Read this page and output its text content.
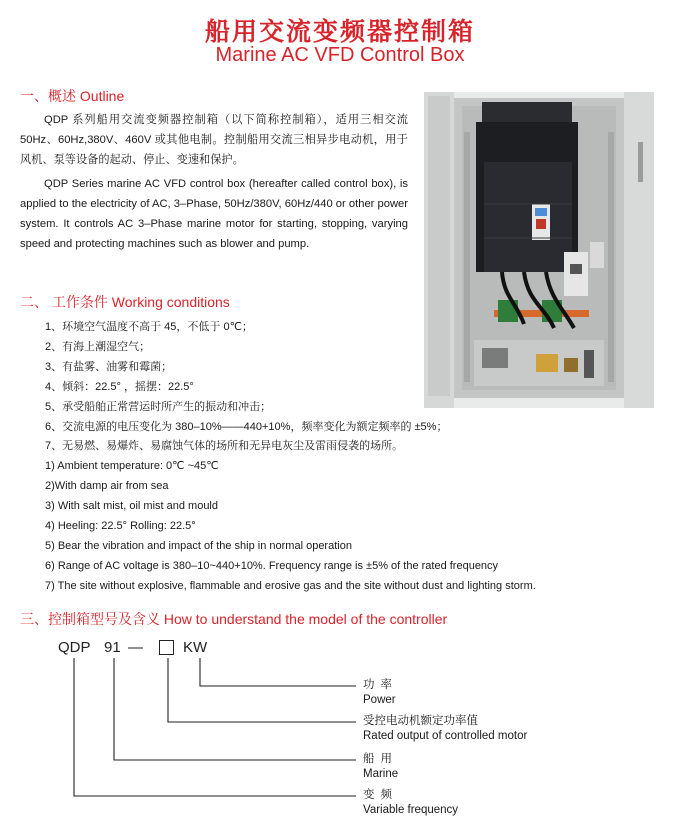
船用交流变频器控制箱
Marine AC VFD Control Box
一、概述 Outline

QDP 系列船用交流变频器控制箱（以下简称控制箱），适用三相交流 50Hz、60Hz,380V、460V 或其他电制。控制船用交流三相异步电动机，用于风机、泵等设备的起动、停止、变速和保护。

QDP Series marine AC VFD control box (hereafter called control box), is applied to the electricity of AC, 3–Phase, 50Hz/380V, 60Hz/440 or other power system. It controls AC 3–Phase marine motor for starting, stopping, varying speed and protecting machines such as blower and pump.

二、 工作条件 Working conditions
1、环境空气温度不高于 45，不低于 0℃；
2、有海上潮湿空气；
3、有盐雾、油雾和霉菌；
4、倾斜：22.5° ，摇摆：22.5°
5、承受船舶正常营运时所产生的振动和冲击；
6、交流电源的电压变化为 380–10%——440+10%，频率变化为额定频率的 ±5%；
7、无易燃、易爆炸、易腐蚀气体的场所和无异电灰尘及雷雨侵袭的场所。
1) Ambient temperature: 0℃ ~45℃
2)With damp air from sea
3) With salt mist, oil mist and mould
4) Heeling: 22.5° Rolling: 22.5°
5) Bear the vibration and impact of the ship in normal operation
6) Range of AC voltage is 380–10~440+10%. Frequency range is ±5% of the rated frequency
7) The site without explosive, flammable and erosive gas and the site without dust and lighting storm.
三、控制箱型号及含义 How to understand the model of the controller
QDP 91 —	KW
功率
Power
受控电动机额定功率值
Rated output of controlled motor
船用
Marine
变频
Variable frequency
